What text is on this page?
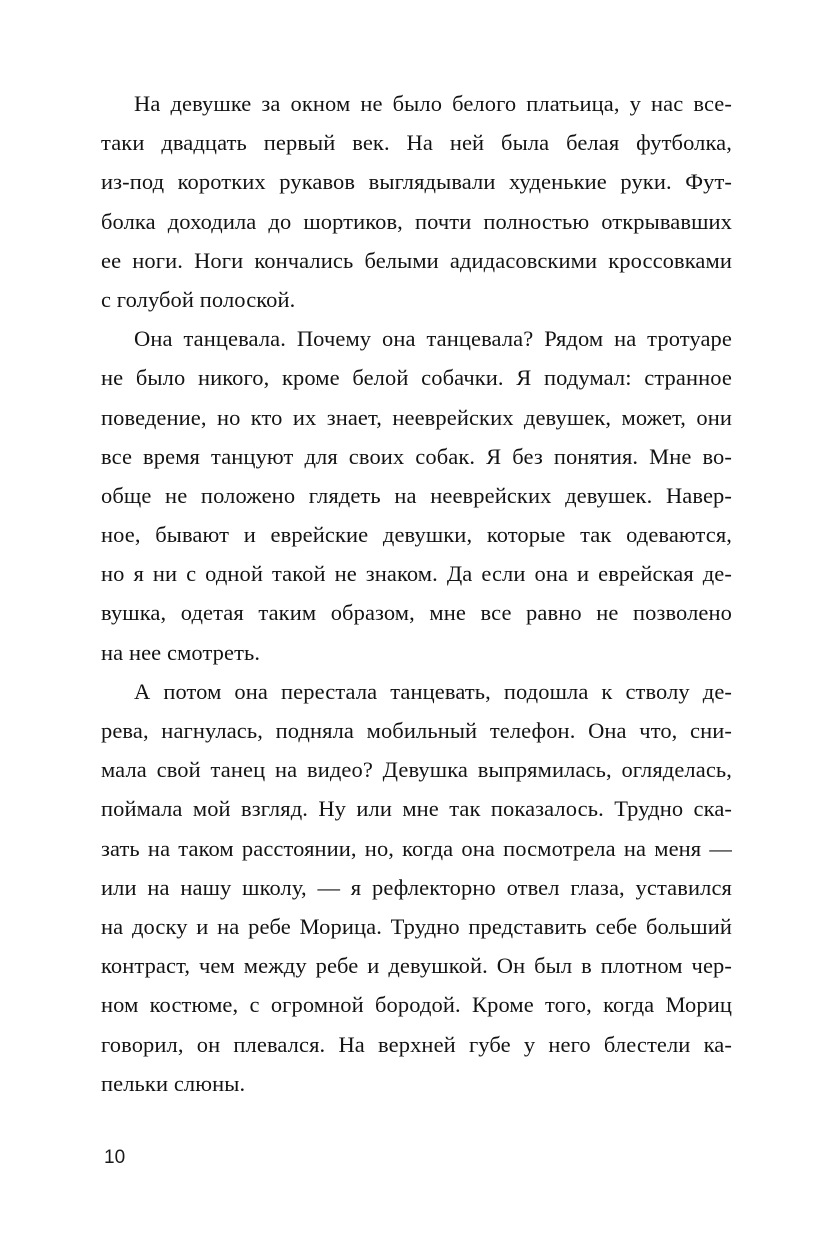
На девушке за окном не было белого платьица, у нас все-
таки двадцать первый век. На ней была белая футболка,
из-под коротких рукавов выглядывали худенькие руки. Фут-
болка доходила до шортиков, почти полностью открывавших
ее ноги. Ноги кончались белыми адидасовскими кроссовками
с голубой полоской.
Она танцевала. Почему она танцевала? Рядом на тротуаре
не было никого, кроме белой собачки. Я подумал: странное
поведение, но кто их знает, нееврейских девушек, может, они
все время танцуют для своих собак. Я без понятия. Мне во-
обще не положено глядеть на нееврейских девушек. Навер-
ное, бывают и еврейские девушки, которые так одеваются,
но я ни с одной такой не знаком. Да если она и еврейская де-
вушка, одетая таким образом, мне все равно не позволено
на нее смотреть.
А потом она перестала танцевать, подошла к стволу де-
рева, нагнулась, подняла мобильный телефон. Она что, сни-
мала свой танец на видео? Девушка выпрямилась, огляделась,
поймала мой взгляд. Ну или мне так показалось. Трудно ска-
зать на таком расстоянии, но, когда она посмотрела на меня —
или на нашу школу, — я рефлекторно отвел глаза, уставился
на доску и на ребе Морица. Трудно представить себе больший
контраст, чем между ребе и девушкой. Он был в плотном чер-
ном костюме, с огромной бородой. Кроме того, когда Мориц
говорил, он плевался. На верхней губе у него блестели ка-
пельки слюны.
10
